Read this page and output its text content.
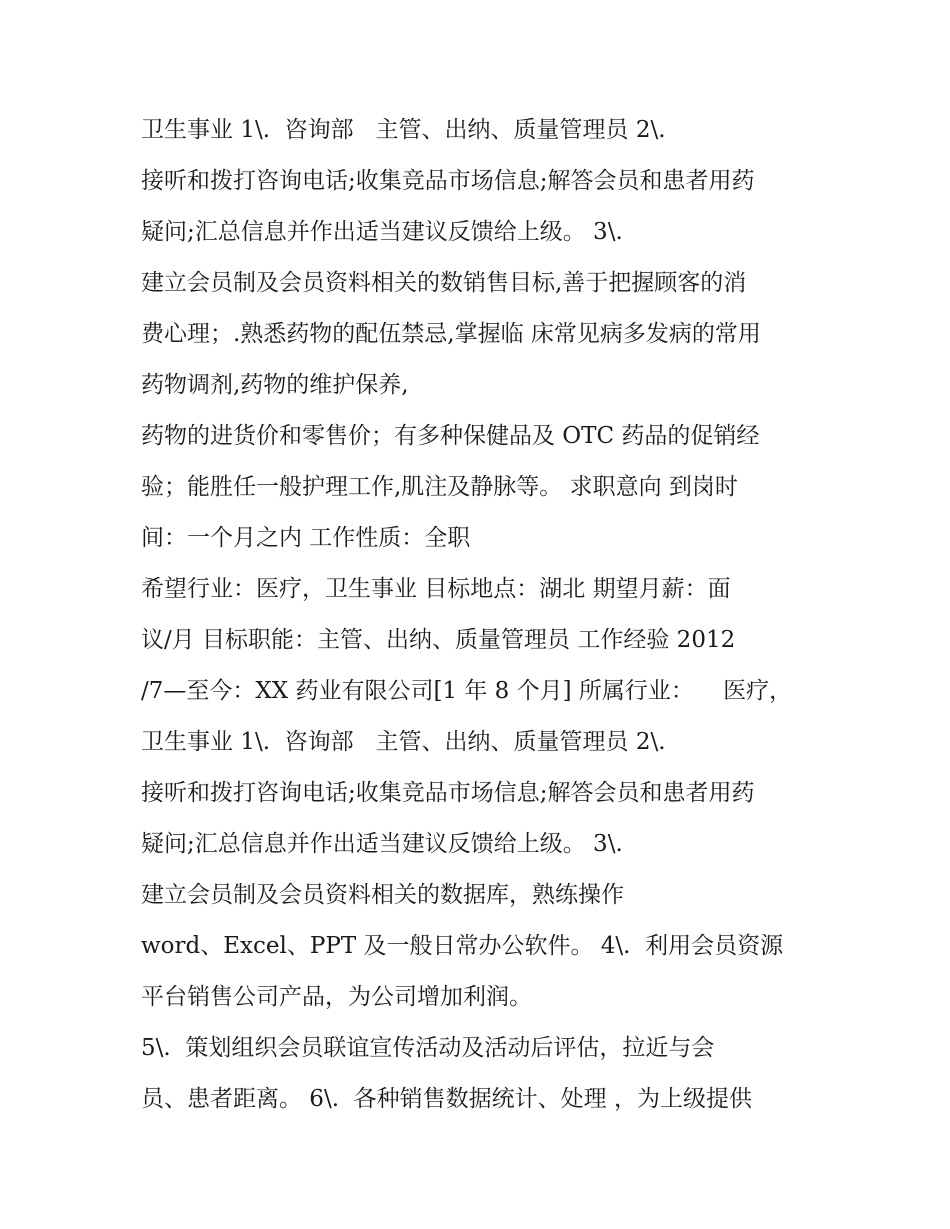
卫生事业 1\.  咨询部   主管、出纳、质量管理员 2\.
接听和拨打咨询电话;收集竞品市场信息;解答会员和患者用药
疑问;汇总信息并作出适当建议反馈给上级。 3\.
建立会员制及会员资料相关的数销售目标,善于把握顾客的消
费心理；.熟悉药物的配伍禁忌,掌握临 床常见病多发病的常用
药物调剂,药物的维护保养,
药物的进货价和零售价；有多种保健品及 OTC 药品的促销经
验；能胜任一般护理工作,肌注及静脉等。 求职意向 到岗时
间：一个月之内 工作性质：全职
希望行业：医疗，卫生事业 目标地点：湖北 期望月薪：面
议/月 目标职能：主管、出纳、质量管理员 工作经验 2012
/7—至今：XX 药业有限公司[1 年 8 个月] 所属行业：    医疗，
卫生事业 1\.  咨询部   主管、出纳、质量管理员 2\.
接听和拨打咨询电话;收集竞品市场信息;解答会员和患者用药
疑问;汇总信息并作出适当建议反馈给上级。 3\.
建立会员制及会员资料相关的数据库，熟练操作
word、Excel、PPT 及一般日常办公软件。 4\.  利用会员资源
平台销售公司产品，为公司增加利润。
5\.  策划组织会员联谊宣传活动及活动后评估，拉近与会
员、患者距离。 6\.  各种销售数据统计、处理 ，为上级提供
